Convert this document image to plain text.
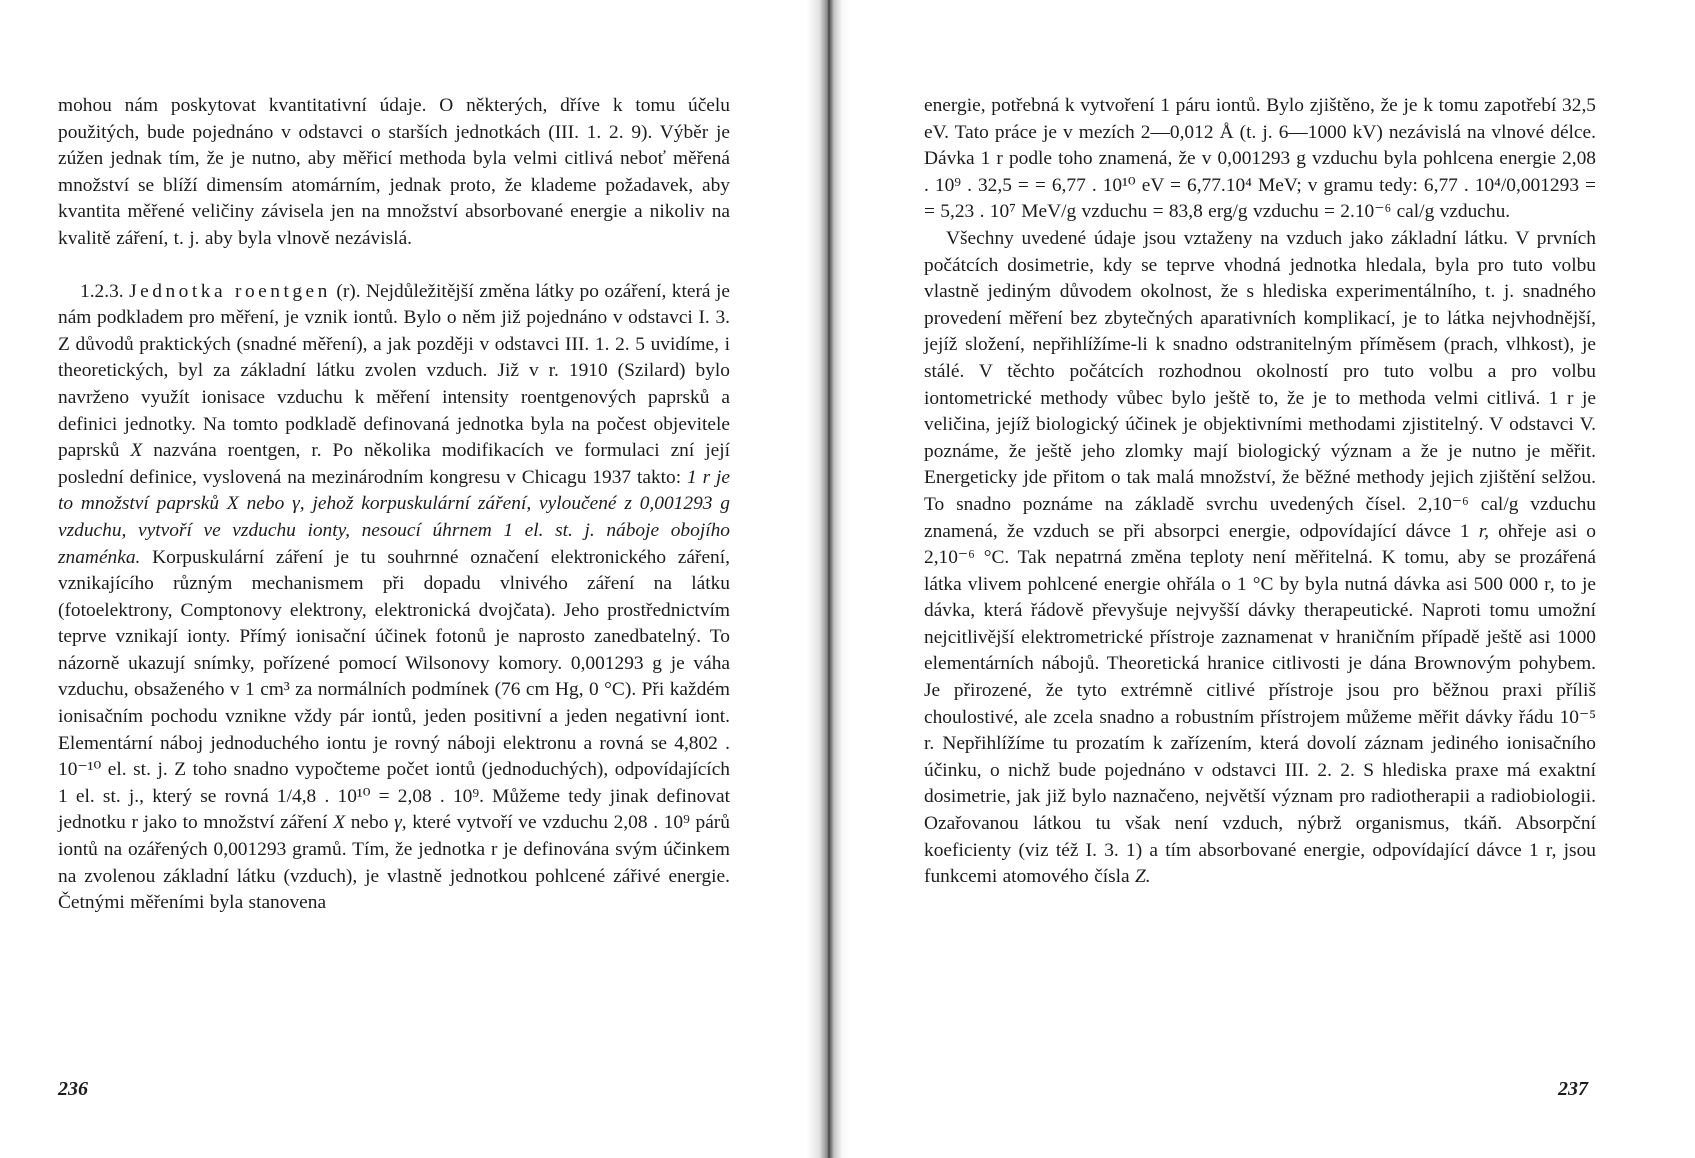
mohou nám poskytovat kvantitativní údaje. O některých, dříve k tomu účelu použitých, bude pojednáno v odstavci o starších jednotkách (III. 1. 2. 9). Výběr je zúžen jednak tím, že je nutno, aby měřicí methoda byla velmi citlivá neboť měřená množství se blíží dimensím atomárním, jednak proto, že klademe požadavek, aby kvantita měřené veličiny závisela jen na množství absorbované energie a nikoliv na kvalitě záření, t. j. aby byla vlnově nezávislá.

1.2.3. Jednotka roentgen (r). Nejdůležitější změna látky po ozáření, která je nám podkladem pro měření, je vznik iontů. Bylo o něm již pojednáno v odstavci I. 3. Z důvodů praktických (snadné měření), a jak později v odstavci III. 1. 2. 5 uvidíme, i theoretických, byl za základní látku zvolen vzduch. Již v r. 1910 (Szilard) bylo navrženo využít ionisace vzduchu k měření intensity roentgenových paprsků a definici jednotky. Na tomto podkladě definovaná jednotka byla na počest objevitele paprsků X nazvána roentgen, r. Po několika modifikacích ve formulaci zní její poslední definice, vyslovená na mezinárodním kongresu v Chicagu 1937 takto: 1 r je to množství paprsků X nebo γ, jehož korpuskulární záření, vyloučené z 0,001293 g vzduchu, vytvoří ve vzduchu ionty, nesoucí úhrnem 1 el. st. j. náboje obojího znaménka. Korpuskulární záření je tu souhrnné označení elektronického záření, vznikajícího různým mechanismem při dopadu vlnivého záření na látku (fotoelektrony, Comptonovy elektrony, elektronická dvojčata). Jeho prostřednictvím teprve vznikají ionty. Přímý ionisační účinek fotonů je naprosto zanedbatelný. To názorně ukazují snímky, pořízené pomocí Wilsonovy komory. 0,001293 g je váha vzduchu, obsaženého v 1 cm³ za normálních podmínek (76 cm Hg, 0 °C). Při každém ionisačním pochodu vznikne vždy pár iontů, jeden positivní a jeden negativní iont. Elementární náboj jednoduchého iontu je rovný náboji elektronu a rovná se 4,802 . 10⁻¹⁰ el. st. j. Z toho snadno vypočteme počet iontů (jednoduchých), odpovídajících 1 el. st. j., který se rovná 1/4,8 . 10¹⁰ = 2,08 . 10⁹. Můžeme tedy jinak definovat jednotku r jako to množství záření X nebo γ, které vytvoří ve vzduchu 2,08 . 10⁹ párů iontů na ozářených 0,001293 gramů. Tím, že jednotka r je definována svým účinkem na zvolenou základní látku (vzduch), je vlastně jednotkou pohlcené zářivé energie. Četnými měřeními byla stanovena

236

energie, potřebná k vytvoření 1 páru iontů. Bylo zjištěno, že je k tomu zapotřebí 32,5 eV. Tato práce je v mezích 2—0,012 Å (t. j. 6—1000 kV) nezávislá na vlnové délce. Dávka 1 r podle toho znamená, že v 0,001293 g vzduchu byla pohlcena energie 2,08 . 10⁹ . 32,5 = = 6,77 . 10¹⁰ eV = 6,77.10⁴ MeV; v gramu tedy: 6,77 . 10⁴/0,001293 = = 5,23 . 10⁷ MeV/g vzduchu = 83,8 erg/g vzduchu = 2.10⁻⁶ cal/g vzduchu.

Všechny uvedené údaje jsou vztaženy na vzduch jako základní látku. V prvních počátcích dosimetrie, kdy se teprve vhodná jednotka hledala, byla pro tuto volbu vlastně jediným důvodem okolnost, že s hlediska experimentálního, t. j. snadného provedení měření bez zbytečných aparativních komplikací, je to látka nejvhodnější, jejíž složení, nepřihlížíme-li k snadno odstranitelným příměsem (prach, vlhkost), je stálé. V těchto počátcích rozhodnou okolností pro tuto volbu a pro volbu iontometrické methody vůbec bylo ještě to, že je to methoda velmi citlivá. 1 r je veličina, jejíž biologický účinek je objektivními methodami zjistitelný. V odstavci V. poznáme, že ještě jeho zlomky mají biologický význam a že je nutno je měřit. Energeticky jde přitom o tak malá množství, že běžné methody jejich zjištění selžou. To snadno poznáme na základě svrchu uvedených čísel. 2,10⁻⁶ cal/g vzduchu znamená, že vzduch se při absorpci energie, odpovídající dávce 1 r, ohřeje asi o 2,10⁻⁶ °C. Tak nepatrná změna teploty není měřitelná. K tomu, aby se prozářená látka vlivem pohlcené energie ohřála o 1 °C by byla nutná dávka asi 500 000 r, to je dávka, která řádově převyšuje nejvyšší dávky therapeutické. Naproti tomu umožní nejcitlivější elektrometrické přístroje zaznamenat v hraničním případě ještě asi 1000 elementárních nábojů. Theoretická hranice citlivosti je dána Brownovým pohybem. Je přirozené, že tyto extrémně citlivé přístroje jsou pro běžnou praxi příliš choulostivé, ale zcela snadno a robustním přístrojem můžeme měřit dávky řádu 10⁻⁵ r. Nepřihlížíme tu prozatím k zařízením, která dovolí záznam jediného ionisačního účinku, o nichž bude pojednáno v odstavci III. 2. 2. S hlediska praxe má exaktní dosimetrie, jak již bylo naznačeno, největší význam pro radiotherapii a radiobiologii. Ozařovanou látkou tu však není vzduch, nýbrž organismus, tkáň. Absorpční koeficienty (viz též I. 3. 1) a tím absorbované energie, odpovídající dávce 1 r, jsou funkcemi atomového čísla Z.

237
